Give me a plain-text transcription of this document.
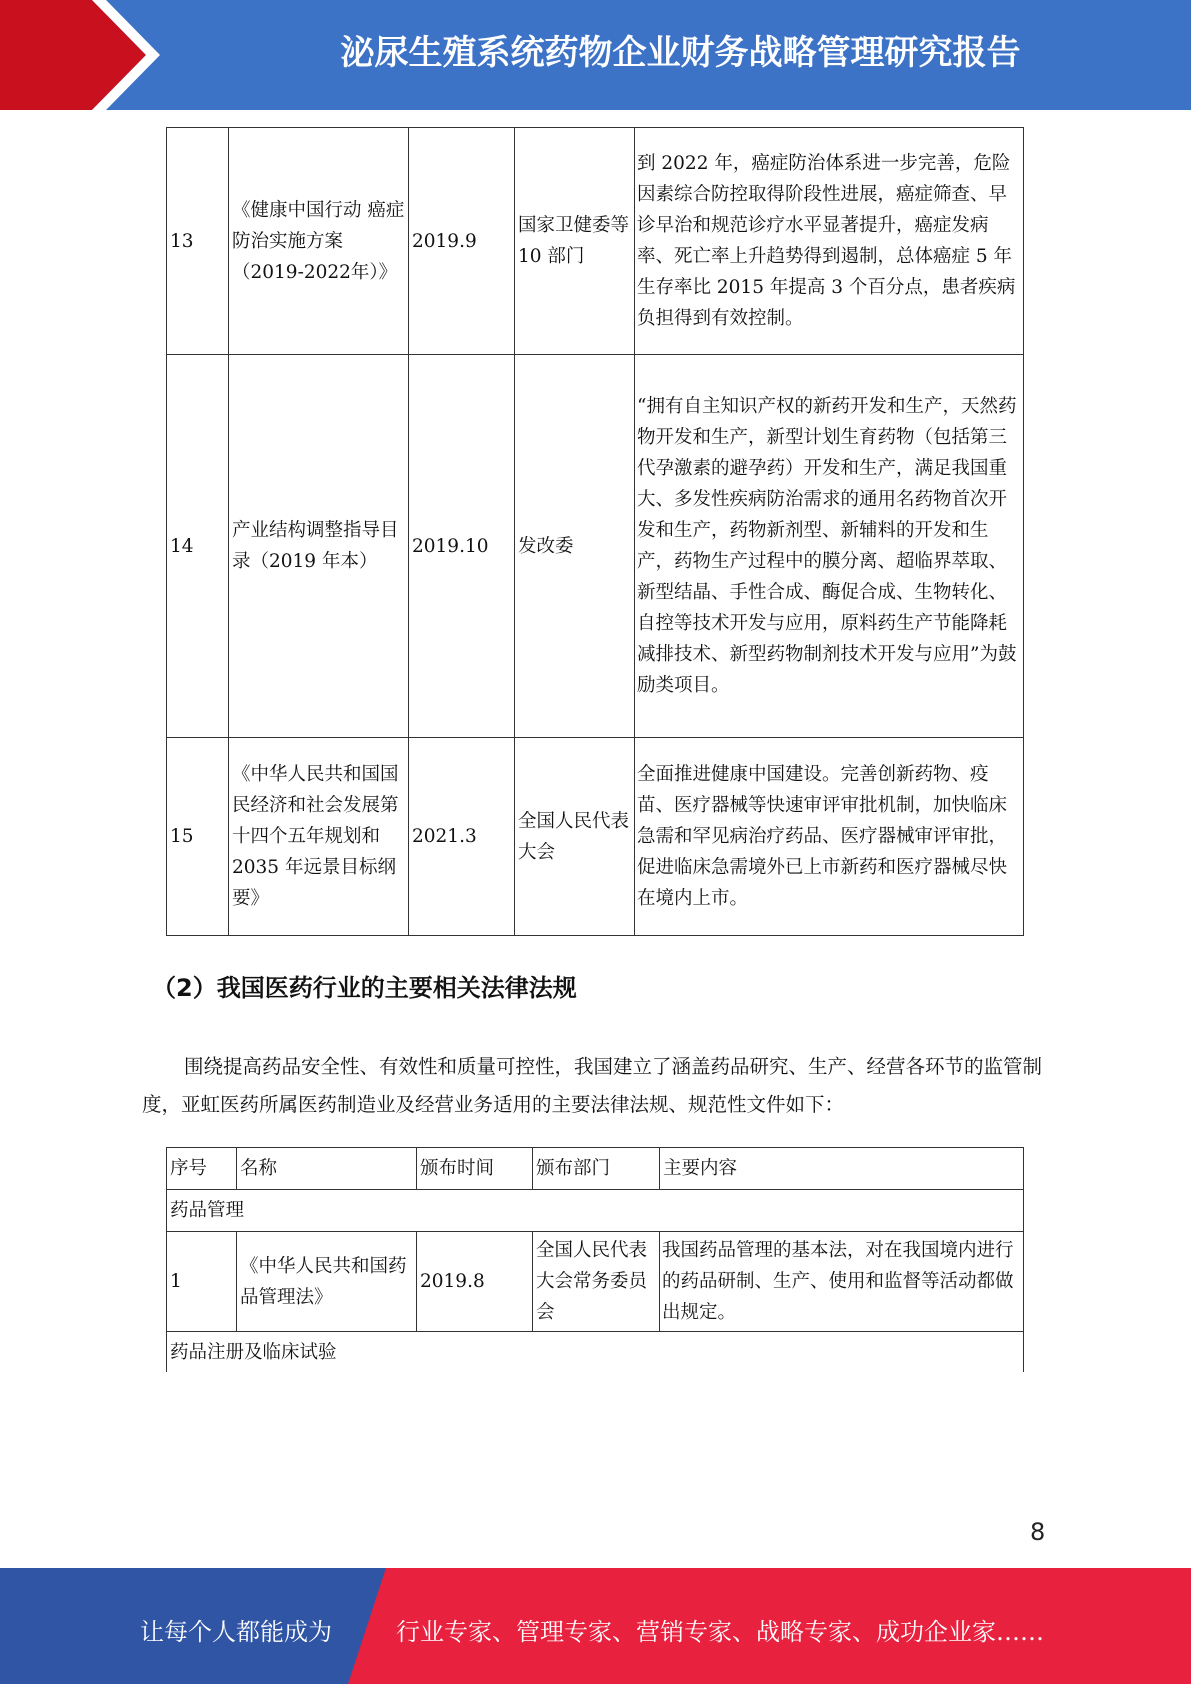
泌尿生殖系统药物企业财务战略管理研究报告
13	《健康中国行动 癌症防治实施方案（2019-2022年）》	2019.9	国家卫健委等 10 部门	到 2022 年，癌症防治体系进一步完善，危险因素综合防控取得阶段性进展，癌症筛查、早诊早治和规范诊疗水平显著提升，癌症发病率、死亡率上升趋势得到遏制，总体癌症 5 年生存率比 2015 年提高 3 个百分点，患者疾病负担得到有效控制。
14	产业结构调整指导目录（2019 年本）	2019.10	发改委	“拥有自主知识产权的新药开发和生产，天然药物开发和生产，新型计划生育药物（包括第三代孕激素的避孕药）开发和生产，满足我国重大、多发性疾病防治需求的通用名药物首次开发和生产，药物新剂型、新辅料的开发和生产，药物生产过程中的膜分离、超临界萃取、新型结晶、手性合成、酶促合成、生物转化、自控等技术开发与应用，原料药生产节能降耗减排技术、新型药物制剂技术开发与应用”为鼓励类项目。
15	《中华人民共和国国民经济和社会发展第十四个五年规划和 2035 年远景目标纲要》	2021.3	全国人民代表大会	全面推进健康中国建设。完善创新药物、疫苗、医疗器械等快速审评审批机制，加快临床急需和罕见病治疗药品、医疗器械审评审批，促进临床急需境外已上市新药和医疗器械尽快在境内上市。
（2）我国医药行业的主要相关法律法规
围绕提高药品安全性、有效性和质量可控性，我国建立了涵盖药品研究、生产、经营各环节的监管制度，亚虹医药所属医药制造业及经营业务适用的主要法律法规、规范性文件如下：
序号	名称	颁布时间	颁布部门	主要内容
药品管理				
1	《中华人民共和国药品管理法》	2019.8	全国人民代表大会常务委员会	我国药品管理的基本法，对在我国境内进行的药品研制、生产、使用和监督等活动都做出规定。
药品注册及临床试验				
8
让每个人都能成为	行业专家、管理专家、营销专家、战略专家、成功企业家……
